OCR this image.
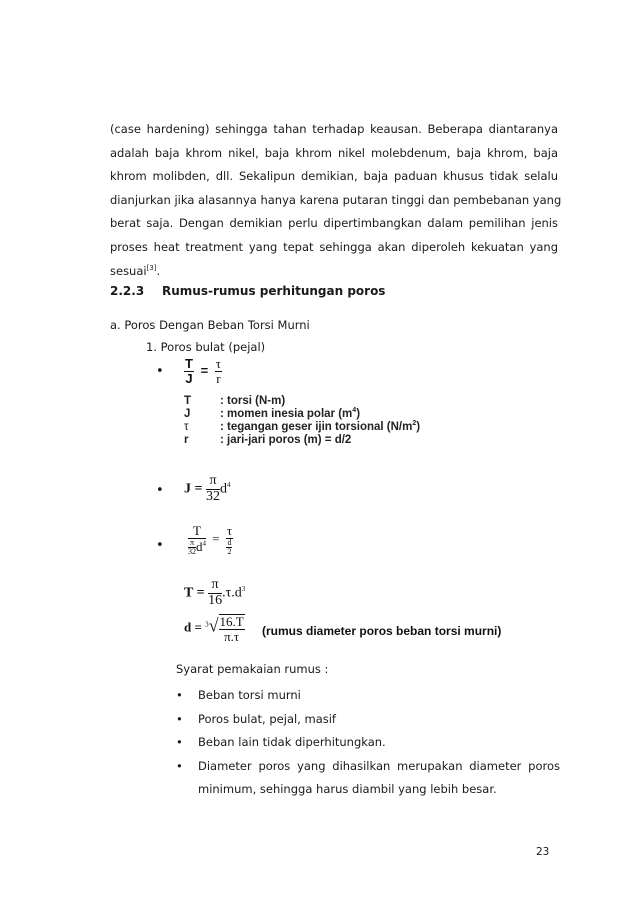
(case hardening) sehingga tahan terhadap keausan. Beberapa diantaranya
adalah baja khrom nikel, baja khrom nikel molebdenum, baja khrom, baja
khrom molibden, dll. Sekalipun demikian, baja paduan khusus tidak selalu
dianjurkan jika alasannya hanya karena putaran tinggi dan pembebanan yang
berat saja. Dengan demikian perlu dipertimbangkan dalam pemilihan jenis
proses heat treatment yang tepat sehingga akan diperoleh kekuatan yang
sesuai[3].
2.2.3 Rumus-rumus perhitungan poros
a. Poros Dengan Beban Torsi Murni
1. Poros bulat (pejal)
• $\frac{T}{J} = \frac{\tau}{r}$
T	: torsi (N-m)
J	: momen inesia polar $(m^4)$
τ	: tegangan geser ijin torsional $(N/m^2)$
r	: jari-jari poros (m) = d/2
• $J = \frac{\pi}{32} d^4$
• $\frac{T}{\frac{\pi}{32} d^4} = \frac{\tau}{\frac{d}{2}}$
$T = \frac{\pi}{16} .\tau.d^3$
$d = ^3√ \frac{16.T}{\pi.\tau}$ (rumus diameter poros beban torsi murni)
Syarat pemakaian rumus :
• Beban torsi murni
• Poros bulat, pejal, masif
• Beban lain tidak diperhitungkan.
• Diameter poros yang dihasilkan merupakan diameter poros
minimum, sehingga harus diambil yang lebih besar.
23
